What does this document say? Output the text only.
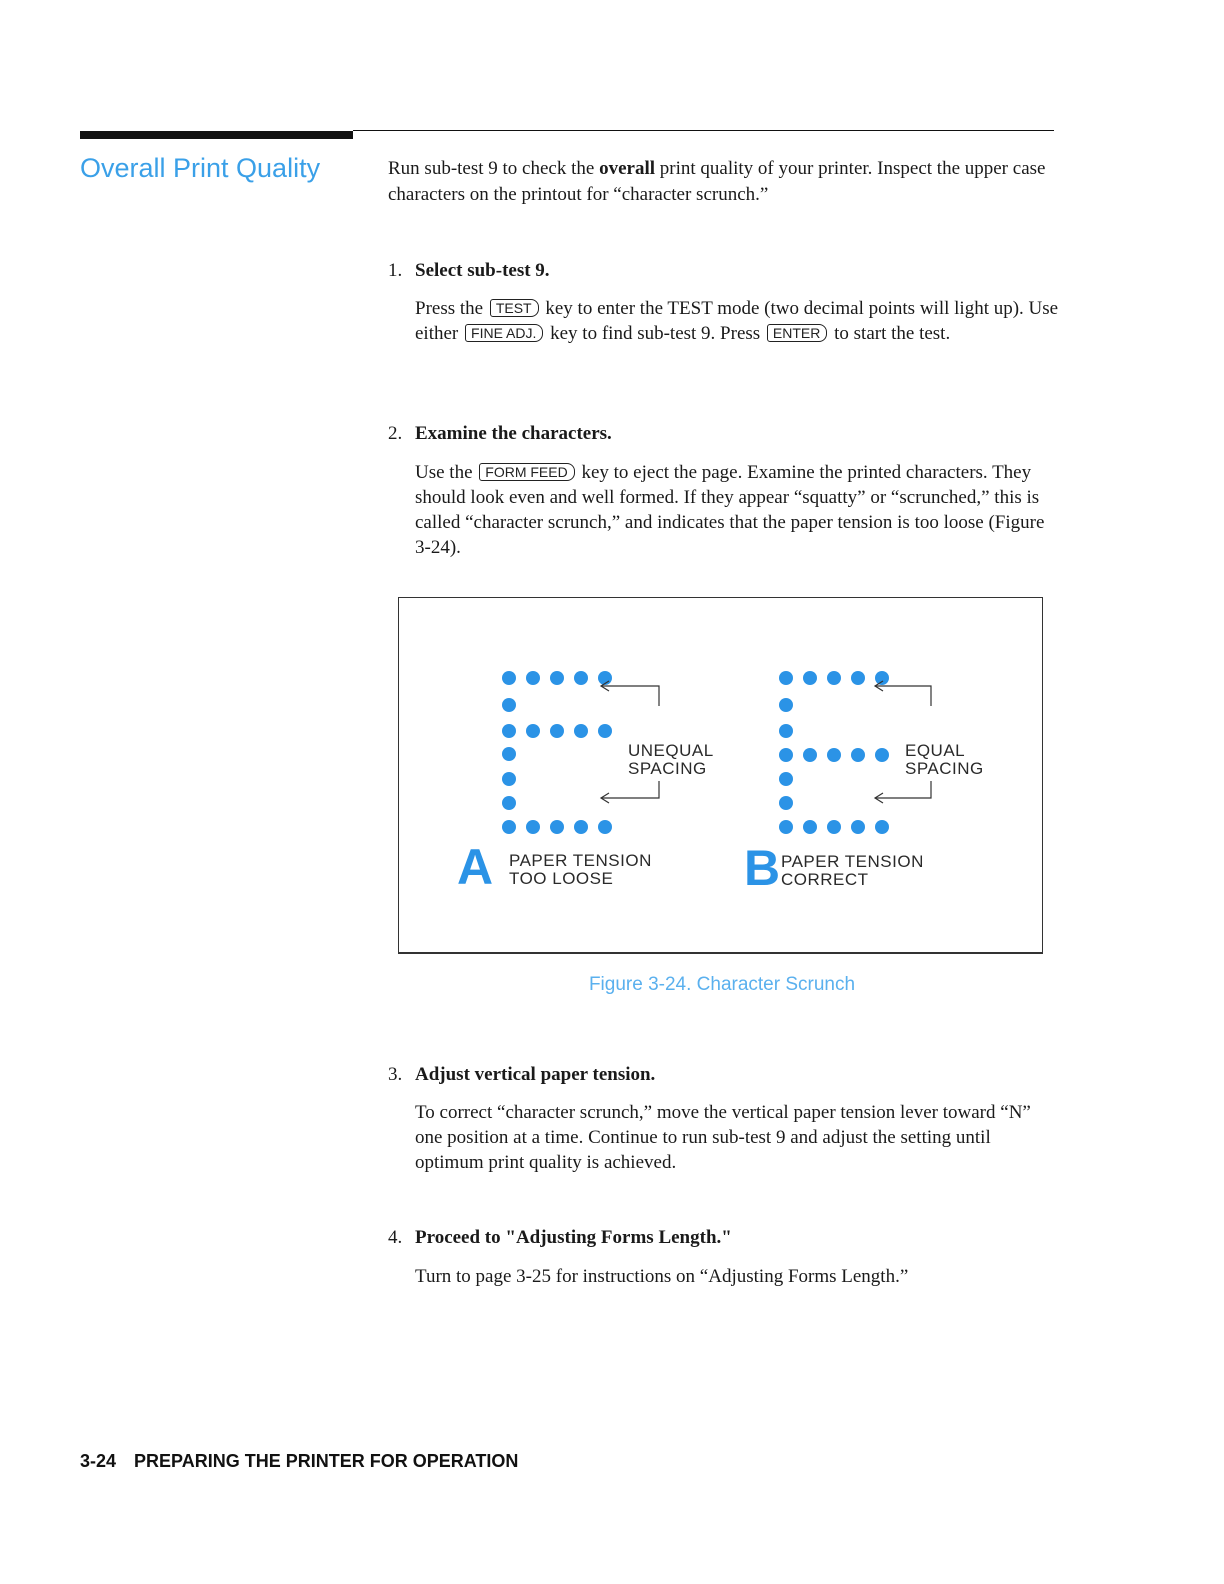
Overall Print Quality	Run sub-test 9 to check the overall print quality of your printer. Inspect the upper case characters on the printout for “character scrunch.”
1. Select sub-test 9.
Press the TEST key to enter the TEST mode (two decimal points will light up). Use either FINE ADJ. key to find sub-test 9. Press ENTER to start the test.
2. Examine the characters.
Use the FORM FEED key to eject the page. Examine the printed characters. They should look even and well formed. If they appear “squatty” or “scrunched,” this is called “character scrunch,” and indicates that the paper tension is too loose (Figure 3-24).
UNEQUAL
SPACING
EQUAL
SPACING
PAPER TENSION
TOO LOOSE
PAPER TENSION
CORRECT
A	B
Figure 3-24. Character Scrunch
3. Adjust vertical paper tension.
To correct “character scrunch,” move the vertical paper tension lever toward “N” one position at a time. Continue to run sub-test 9 and adjust the setting until optimum print quality is achieved.
4. Proceed to "Adjusting Forms Length."
Turn to page 3-25 for instructions on “Adjusting Forms Length.”
3-24 PREPARING THE PRINTER FOR OPERATION
